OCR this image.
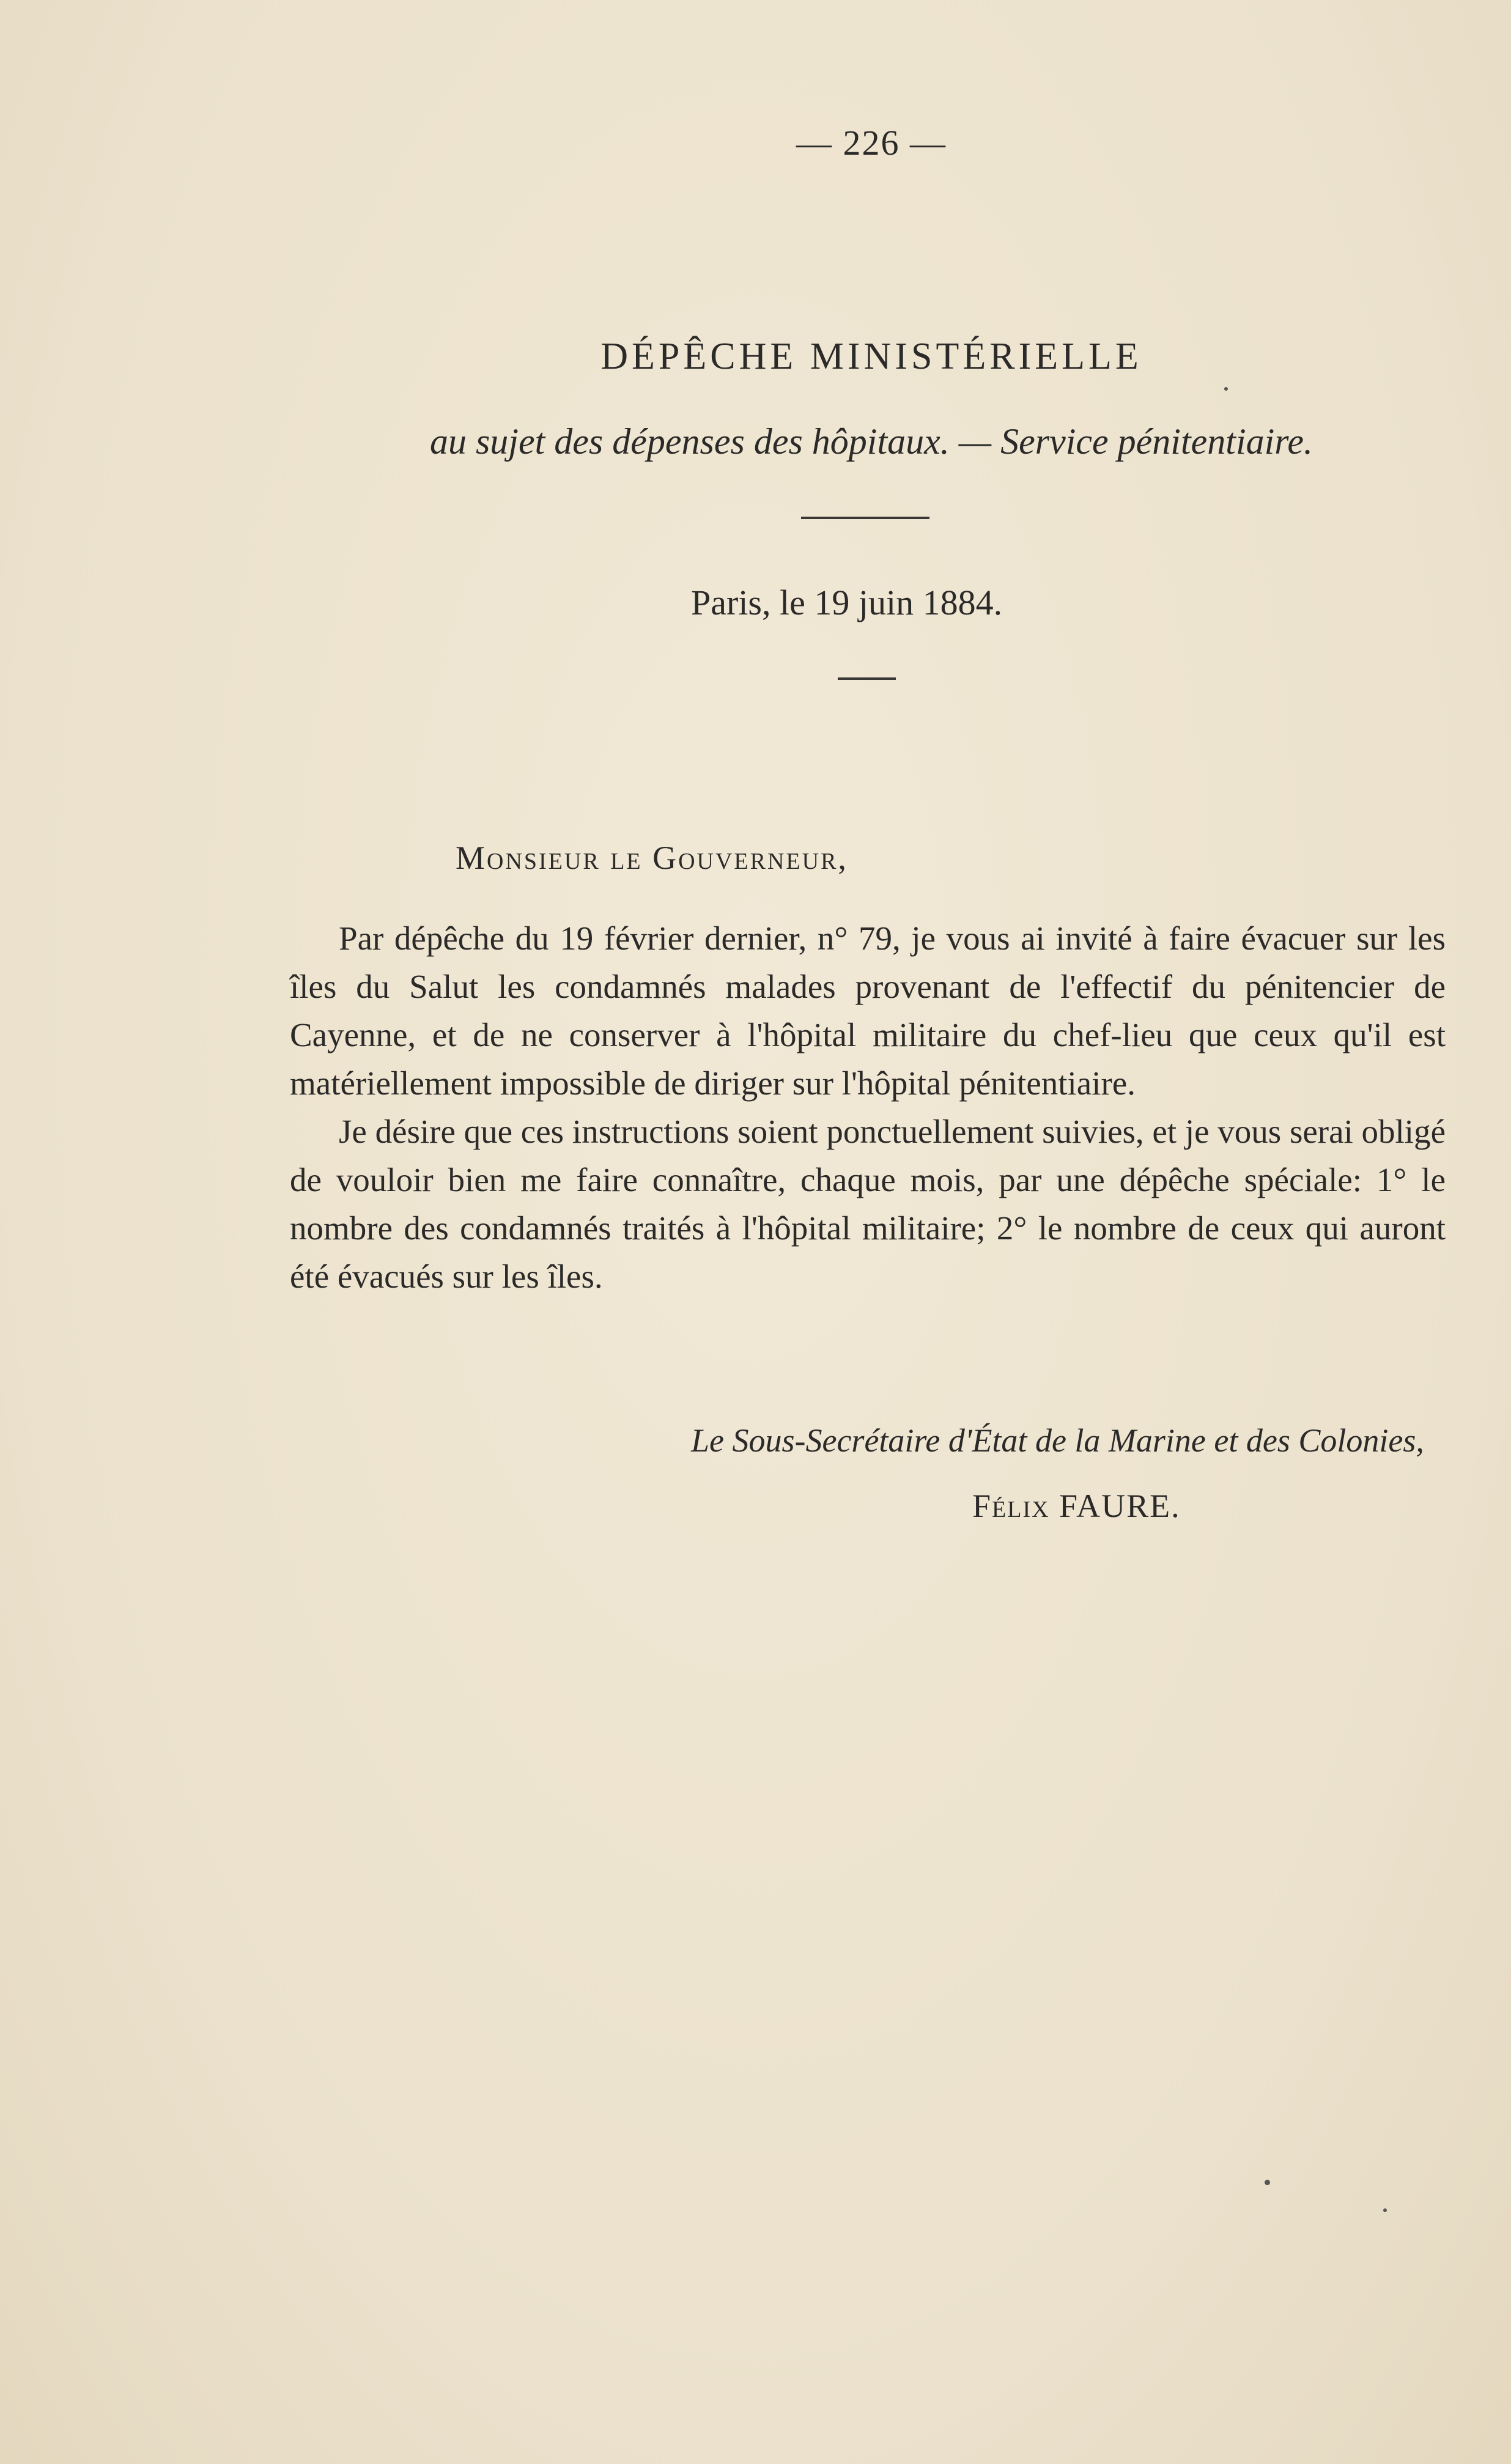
— 226 —
DÉPÊCHE MINISTÉRIELLE
au sujet des dépenses des hôpitaux. — Service pénitentiaire.
Paris, le 19 juin 1884.
Monsieur le Gouverneur,

Par dépêche du 19 février dernier, n° 79, je vous ai invité à faire évacuer sur les îles du Salut les condamnés malades provenant de l'effectif du pénitencier de Cayenne, et de ne conserver à l'hôpital militaire du chef-lieu que ceux qu'il est matériellement impossible de diriger sur l'hôpital pénitentiaire.

Je désire que ces instructions soient ponctuellement suivies, et je vous serai obligé de vouloir bien me faire connaître, chaque mois, par une dépêche spéciale: 1° le nombre des condamnés traités à l'hôpital militaire; 2° le nombre de ceux qui auront été évacués sur les îles.

Le Sous-Secrétaire d'État de la Marine et des Colonies,
Félix FAURE.
